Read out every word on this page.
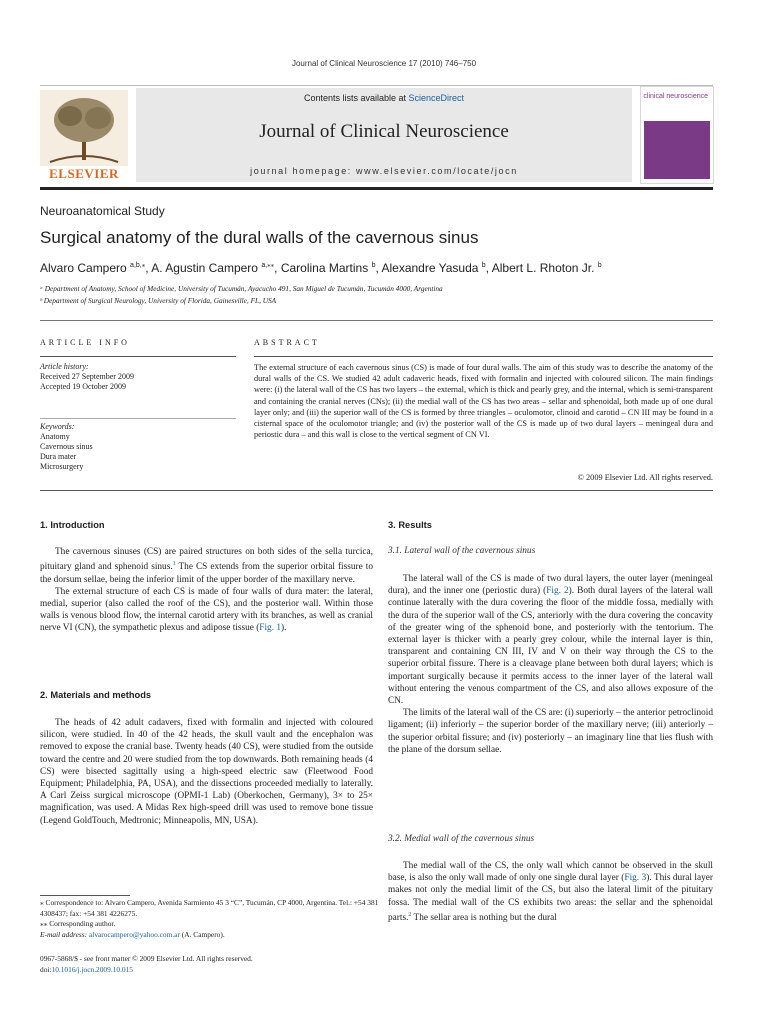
Journal of Clinical Neuroscience 17 (2010) 746–750
ELSEVIER
Contents lists available at ScienceDirect
Journal of Clinical Neuroscience
journal homepage: www.elsevier.com/locate/jocn
clinical neuroscience
Neuroanatomical Study
Surgical anatomy of the dural walls of the cavernous sinus
Alvaro Campero $^{a,b,⁎}$, A. Agustin Campero $^{a,⁎⁎}$, Carolina Martins $^b$, Alexandre Yasuda $^b$, Albert L. Rhoton Jr. $^b$
ᵃ Department of Anatomy, School of Medicine, University of Tucumán, Ayacucho 491, San Miguel de Tucumán, Tucumán 4000, Argentina
ᵇ Department of Surgical Neurology, University of Florida, Gainesville, FL, USA
ARTICLE INFO
Article history:
Received 27 September 2009
Accepted 19 October 2009
Keywords:
Anatomy
Cavernous sinus
Dura mater
Microsurgery
ABSTRACT
The external structure of each cavernous sinus (CS) is made of four dural walls. The aim of this study was to describe the anatomy of the dural walls of the CS. We studied 42 adult cadaveric heads, fixed with formalin and injected with coloured silicon. The main findings were: (i) the lateral wall of the CS has two layers – the external, which is thick and pearly grey, and the internal, which is semi-transparent and containing the cranial nerves (CNs); (ii) the medial wall of the CS has two areas – sellar and sphenoidal, both made up of one dural layer only; and (iii) the superior wall of the CS is formed by three triangles – oculomotor, clinoid and carotid – CN III may be found in a cisternal space of the oculomotor triangle; and (iv) the posterior wall of the CS is made up of two dural layers – meningeal dura and periostic dura – and this wall is close to the vertical segment of CN VI.
© 2009 Elsevier Ltd. All rights reserved.
1. Introduction

The cavernous sinuses (CS) are paired structures on both sides of the sella turcica, pituitary gland and sphenoid sinus.$^1$ The CS extends from the superior orbital fissure to the dorsum sellae, being the inferior limit of the upper border of the maxillary nerve.

The external structure of each CS is made of four walls of dura mater: the lateral, medial, superior (also called the roof of the CS), and the posterior wall. Within those walls is venous blood flow, the internal carotid artery with its branches, as well as cranial nerve VI (CN), the sympathetic plexus and adipose tissue (Fig. 1).

2. Materials and methods

The heads of 42 adult cadavers, fixed with formalin and injected with coloured silicon, were studied. In 40 of the 42 heads, the skull vault and the encephalon was removed to expose the cranial base. Twenty heads (40 CS), were studied from the outside toward the centre and 20 were studied from the top downwards. Both remaining heads (4 CS) were bisected sagittally using a high-speed electric saw (Fleetwood Food Equipment; Philadelphia, PA, USA), and the dissections proceeded medially to laterally. A Carl Zeiss surgical microscope (OPMI-1 Lab) (Oberkochen, Germany), 3× to 25× magnification, was used. A Midas Rex high-speed drill was used to remove bone tissue (Legend GoldTouch, Medtronic; Minneapolis, MN, USA).

⁎ Correspondence to: Alvaro Campero, Avenida Sarmiento 45 3 “C”, Tucumán, CP 4000, Argentina. Tel.: +54 381 4308437; fax: +54 381 4226275.
⁎⁎ Corresponding author.
E-mail address: alvarocampero@yahoo.com.ar (A. Campero).
0967-5868/$ - see front matter © 2009 Elsevier Ltd. All rights reserved.
doi:10.1016/j.jocn.2009.10.015
3. Results
3.1. Lateral wall of the cavernous sinus

The lateral wall of the CS is made of two dural layers, the outer layer (meningeal dura), and the inner one (periostic dura) (Fig. 2). Both dural layers of the lateral wall continue laterally with the dura covering the floor of the middle fossa, medially with the dura of the superior wall of the CS, anteriorly with the dura covering the concavity of the greater wing of the sphenoid bone, and posteriorly with the tentorium. The external layer is thicker with a pearly grey colour, while the internal layer is thin, transparent and containing CN III, IV and V on their way through the CS to the superior orbital fissure. There is a cleavage plane between both dural layers; which is important surgically because it permits access to the inner layer of the lateral wall without entering the venous compartment of the CS, and also allows exposure of the CN.

The limits of the lateral wall of the CS are: (i) superiorly – the anterior petroclinoid ligament; (ii) inferiorly – the superior border of the maxillary nerve; (iii) anteriorly – the superior orbital fissure; and (iv) posteriorly – an imaginary line that lies flush with the plane of the dorsum sellae.

3.2. Medial wall of the cavernous sinus

The medial wall of the CS, the only wall which cannot be observed in the skull base, is also the only wall made of only one single dural layer (Fig. 3). This dural layer makes not only the medial limit of the CS, but also the lateral limit of the pituitary fossa. The medial wall of the CS exhibits two areas: the sellar and the sphenoidal parts.$^2$ The sellar area is nothing but the dural
